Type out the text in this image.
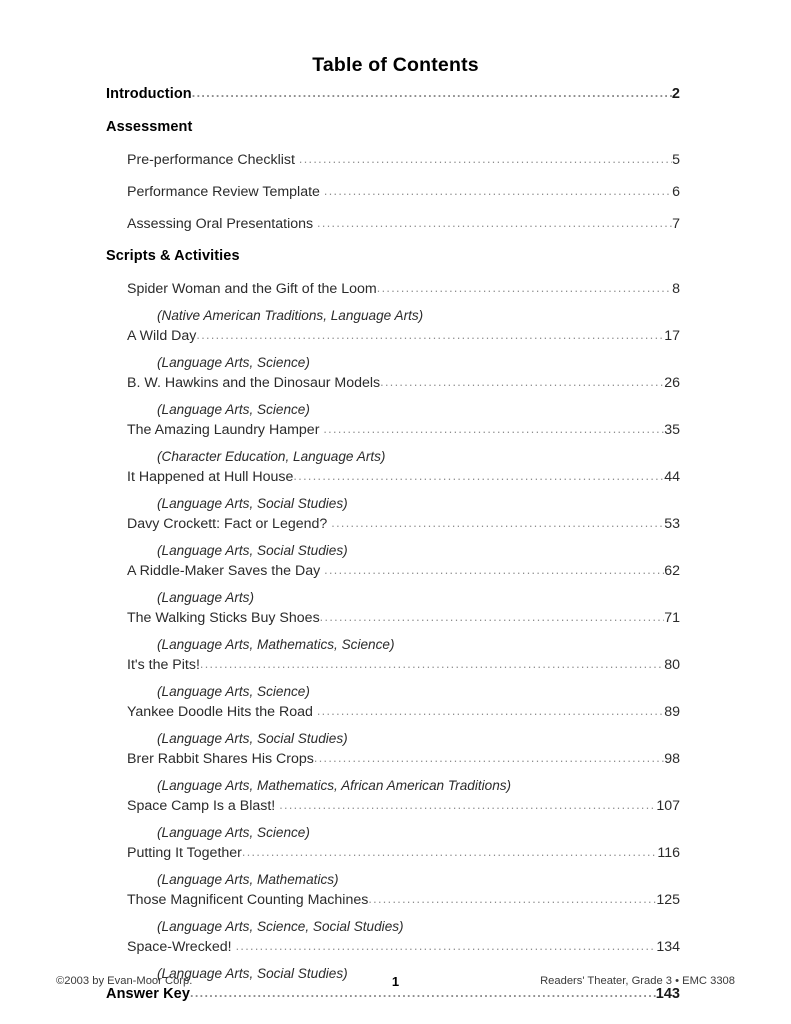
Table of Contents
Introduction .....	2
Assessment
Pre-performance Checklist .....	5
Performance Review Template .....	6
Assessing Oral Presentations .....	7
Scripts & Activities
Spider Woman and the Gift of the Loom .....	8
(Native American Traditions, Language Arts)
A Wild Day .....	17
(Language Arts, Science)
B. W. Hawkins and the Dinosaur Models .....	26
(Language Arts, Science)
The Amazing Laundry Hamper .....	35
(Character Education, Language Arts)
It Happened at Hull House .....	44
(Language Arts, Social Studies)
Davy Crockett: Fact or Legend? .....	53
(Language Arts, Social Studies)
A Riddle-Maker Saves the Day .....	62
(Language Arts)
The Walking Sticks Buy Shoes .....	71
(Language Arts, Mathematics, Science)
It's the Pits! .....	80
(Language Arts, Science)
Yankee Doodle Hits the Road .....	89
(Language Arts, Social Studies)
Brer Rabbit Shares His Crops .....	98
(Language Arts, Mathematics, African American Traditions)
Space Camp Is a Blast! .....	107
(Language Arts, Science)
Putting It Together .....	116
(Language Arts, Mathematics)
Those Magnificent Counting Machines .....	125
(Language Arts, Science, Social Studies)
Space-Wrecked! .....	134
(Language Arts, Social Studies)
Answer Key .....	143
©2003 by Evan-Moor Corp.	1	Readers' Theater, Grade 3 • EMC 3308
